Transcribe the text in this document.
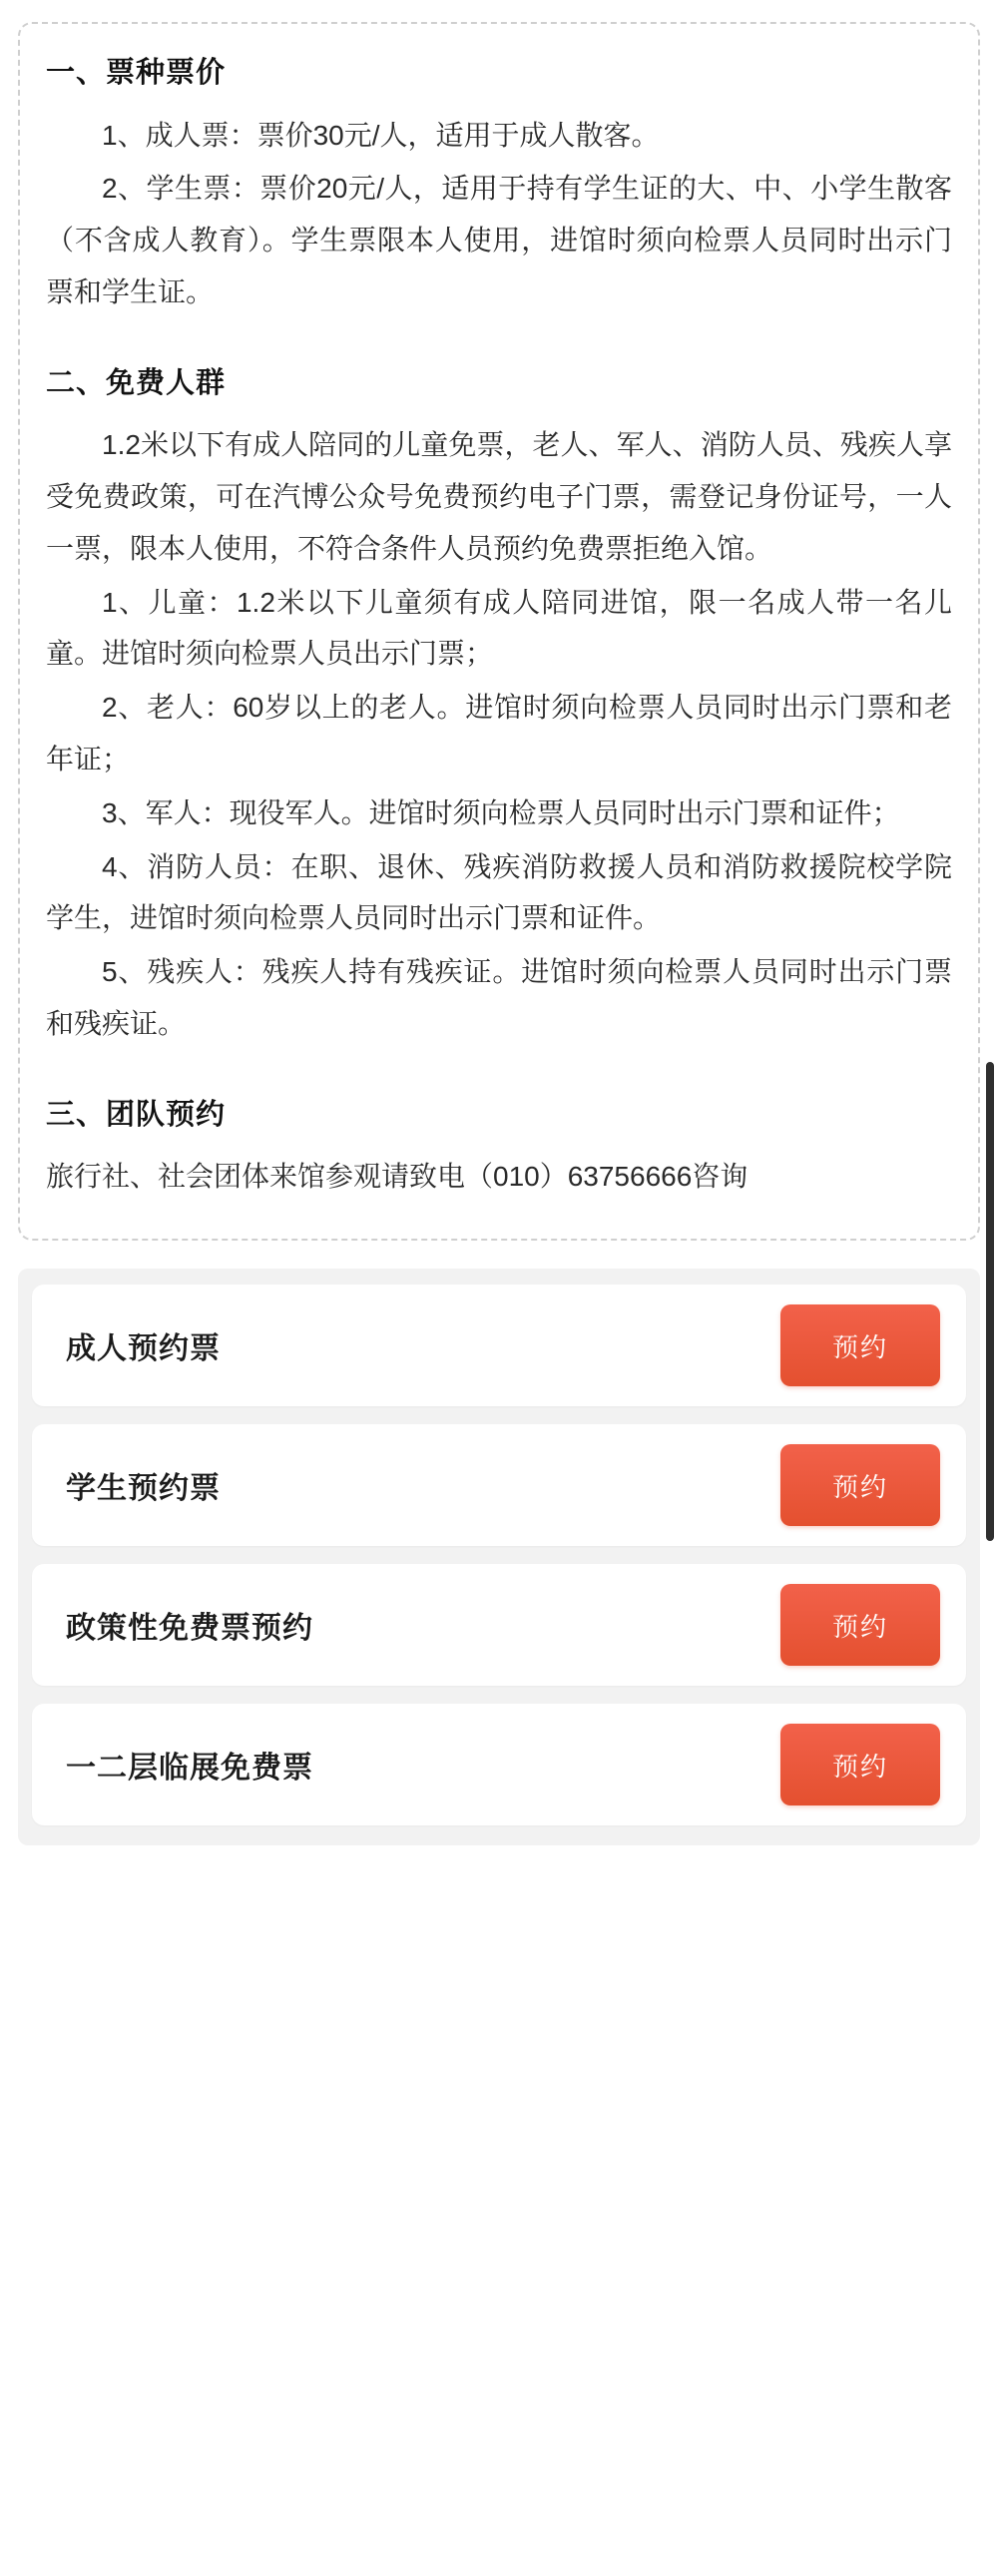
一、票种票价

1、成人票：票价30元/人，适用于成人散客。

2、学生票：票价20元/人，适用于持有学生证的大、中、小学生散客（不含成人教育）。学生票限本人使用，进馆时须向检票人员同时出示门票和学生证。

二、免费人群

1.2米以下有成人陪同的儿童免票，老人、军人、消防人员、残疾人享受免费政策，可在汽博公众号免费预约电子门票，需登记身份证号，一人一票，限本人使用，不符合条件人员预约免费票拒绝入馆。

1、儿童：1.2米以下儿童须有成人陪同进馆，限一名成人带一名儿童。进馆时须向检票人员出示门票；

2、老人：60岁以上的老人。进馆时须向检票人员同时出示门票和老年证；

3、军人：现役军人。进馆时须向检票人员同时出示门票和证件；

4、消防人员：在职、退休、残疾消防救援人员和消防救援院校学院学生，进馆时须向检票人员同时出示门票和证件。

5、残疾人：残疾人持有残疾证。进馆时须向检票人员同时出示门票和残疾证。

三、团队预约

旅行社、社会团体来馆参观请致电（010）63756666咨询

成人预约票	预约
学生预约票	预约
政策性免费票预约	预约
一二层临展免费票	预约
